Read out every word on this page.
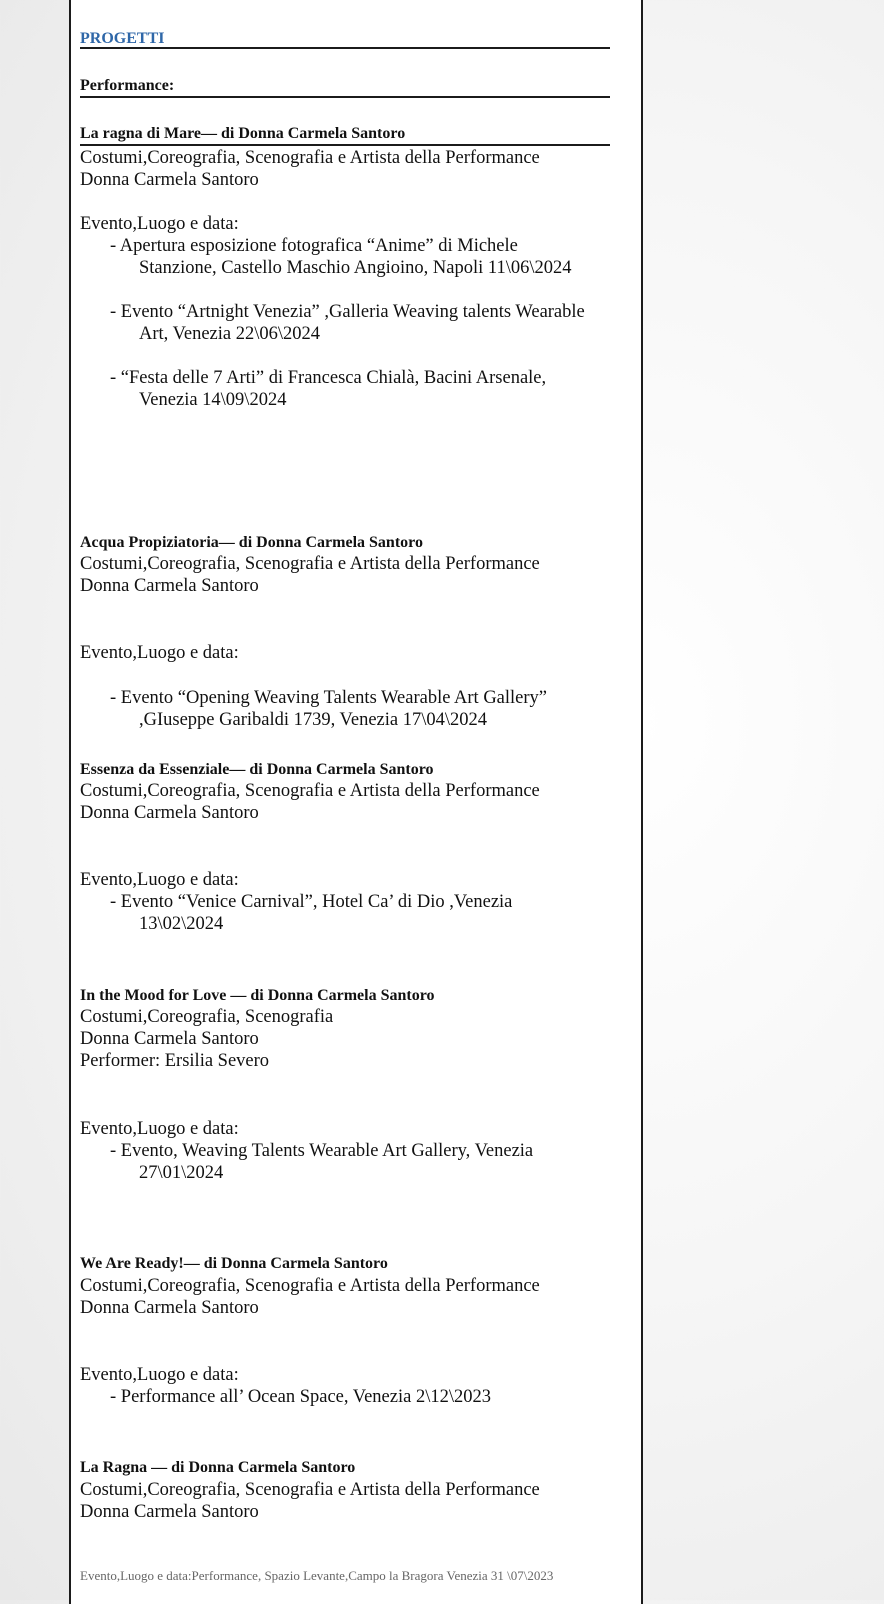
PROGETTI
Performance:
La ragna di Mare— di Donna Carmela Santoro
Costumi,Coreografia, Scenografia e Artista della Performance
Donna Carmela Santoro
Evento,Luogo e data:
- Apertura esposizione fotografica “Anime” di Michele
Stanzione, Castello Maschio Angioino, Napoli 11\06\2024
- Evento “Artnight Venezia” ,Galleria Weaving talents Wearable
Art, Venezia 22\06\2024
- “Festa delle 7 Arti” di Francesca Chialà, Bacini Arsenale,
Venezia 14\09\2024
Acqua Propiziatoria— di Donna Carmela Santoro
Costumi,Coreografia, Scenografia e Artista della Performance
Donna Carmela Santoro
Evento,Luogo e data:
- Evento “Opening Weaving Talents Wearable Art Gallery”
,GIuseppe Garibaldi 1739, Venezia 17\04\2024
Essenza da Essenziale— di Donna Carmela Santoro
Costumi,Coreografia, Scenografia e Artista della Performance
Donna Carmela Santoro
Evento,Luogo e data:
- Evento “Venice Carnival”, Hotel Ca’ di Dio ,Venezia
13\02\2024
In the Mood for Love — di Donna Carmela Santoro
Costumi,Coreografia, Scenografia
Donna Carmela Santoro
Performer: Ersilia Severo
Evento,Luogo e data:
- Evento, Weaving Talents Wearable Art Gallery, Venezia
27\01\2024
We Are Ready!— di Donna Carmela Santoro
Costumi,Coreografia, Scenografia e Artista della Performance
Donna Carmela Santoro
Evento,Luogo e data:
- Performance all’ Ocean Space, Venezia 2\12\2023
La Ragna — di Donna Carmela Santoro
Costumi,Coreografia, Scenografia e Artista della Performance
Donna Carmela Santoro
Evento,Luogo e data:Performance, Spazio Levante,Campo la Bragora Venezia 31 \07\2023
